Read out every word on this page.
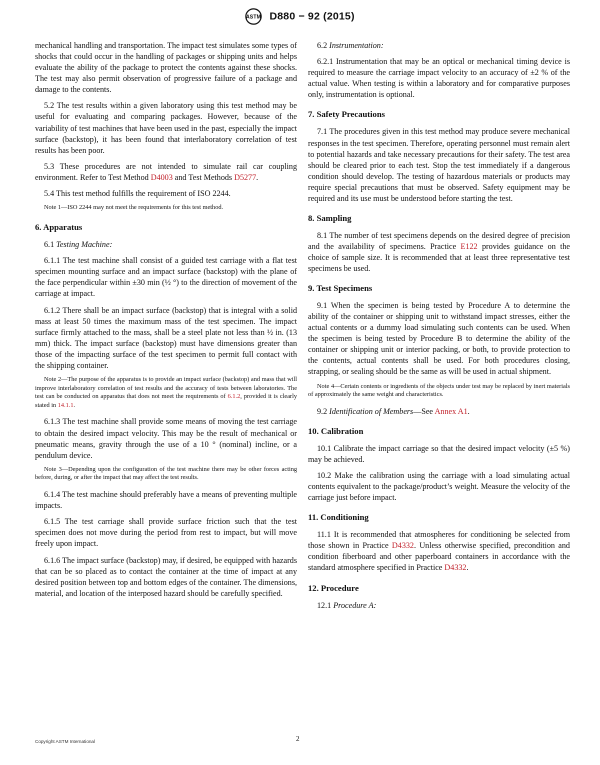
ASTM D880 − 92 (2015)

mechanical handling and transportation. The impact test simulates some types of shocks that could occur in the handling of packages or shipping units and helps evaluate the ability of the package to protect the contents against these shocks. The test may also permit observation of progressive failure of a package and damage to the contents.

5.2 The test results within a given laboratory using this test method may be useful for evaluating and comparing packages. However, because of the variability of test machines that have been used in the past, especially the impact surface (backstop), it has been found that interlaboratory correlation of test results has been poor.

5.3 These procedures are not intended to simulate rail car coupling environment. Refer to Test Method D4003 and Test Methods D5277.

5.4 This test method fulfills the requirement of ISO 2244.

Note 1—ISO 2244 may not meet the requirements for this test method.

6. Apparatus

6.1 Testing Machine:

6.1.1 The test machine shall consist of a guided test carriage with a flat test specimen mounting surface and an impact surface (backstop) with the plane of the face perpendicular within ±30 min (½ °) to the direction of movement of the carriage at impact.

6.1.2 There shall be an impact surface (backstop) that is integral with a solid mass at least 50 times the maximum mass of the test specimen. The impact surface firmly attached to the mass, shall be a steel plate not less than ½ in. (13 mm) thick. The impact surface (backstop) must have dimensions greater than those of the impacting surface of the test specimen to permit full contact with the shipping container.

Note 2—The purpose of the apparatus is to provide an impact surface (backstop) and mass that will improve interlaboratory correlation of test results and the accuracy of tests between laboratories. The test can be conducted on apparatus that does not meet the requirements of 6.1.2, provided it is clearly stated in 14.1.1.

6.1.3 The test machine shall provide some means of moving the test carriage to obtain the desired impact velocity. This may be the result of mechanical or pneumatic means, gravity through the use of a 10 ° (nominal) incline, or a pendulum device.

Note 3—Depending upon the configuration of the test machine there may be other forces acting before, during, or after the impact that may affect the test results.

6.1.4 The test machine should preferably have a means of preventing multiple impacts.

6.1.5 The test carriage shall provide surface friction such that the test specimen does not move during the period from rest to impact, but will move freely upon impact.

6.1.6 The impact surface (backstop) may, if desired, be equipped with hazards that can be so placed as to contact the container at the time of impact at any desired position between top and bottom edges of the container. The dimensions, material, and location of the interposed hazard should be carefully specified.

6.2 Instrumentation:

6.2.1 Instrumentation that may be an optical or mechanical timing device is required to measure the carriage impact velocity to an accuracy of ±2 % of the actual value. When testing is within a laboratory and for comparative purposes only, instrumentation is optional.

7. Safety Precautions

7.1 The procedures given in this test method may produce severe mechanical responses in the test specimen. Therefore, operating personnel must remain alert to potential hazards and take necessary precautions for their safety. The test area should be cleared prior to each test. Stop the test immediately if a dangerous condition should develop. The testing of hazardous materials or products may require special precautions that must be observed. Safety equipment may be required and its use must be understood before starting the test.

8. Sampling

8.1 The number of test specimens depends on the desired degree of precision and the availability of specimens. Practice E122 provides guidance on the choice of sample size. It is recommended that at least three representative test specimens be used.

9. Test Specimens

9.1 When the specimen is being tested by Procedure A to determine the ability of the container or shipping unit to withstand impact stresses, either the actual contents or a dummy load simulating such contents can be used. When the specimen is being tested by Procedure B to determine the ability of the container or shipping unit or interior packing, or both, to provide protection to the contents, actual contents shall be used. For both procedures closing, strapping, or sealing should be the same as will be used in actual shipment.

Note 4—Certain contents or ingredients of the objects under test may be replaced by inert materials of approximately the same weight and characteristics.

9.2 Identification of Members—See Annex A1.

10. Calibration

10.1 Calibrate the impact carriage so that the desired impact velocity (±5 %) may be achieved.

10.2 Make the calibration using the carriage with a load simulating actual contents equivalent to the package/product’s weight. Measure the velocity of the carriage just before impact.

11. Conditioning

11.1 It is recommended that atmospheres for conditioning be selected from those shown in Practice D4332. Unless otherwise specified, precondition and condition fiberboard and other paperboard containers in accordance with the standard atmosphere specified in Practice D4332.

12. Procedure

12.1 Procedure A:

2
Copyright ASTM International
